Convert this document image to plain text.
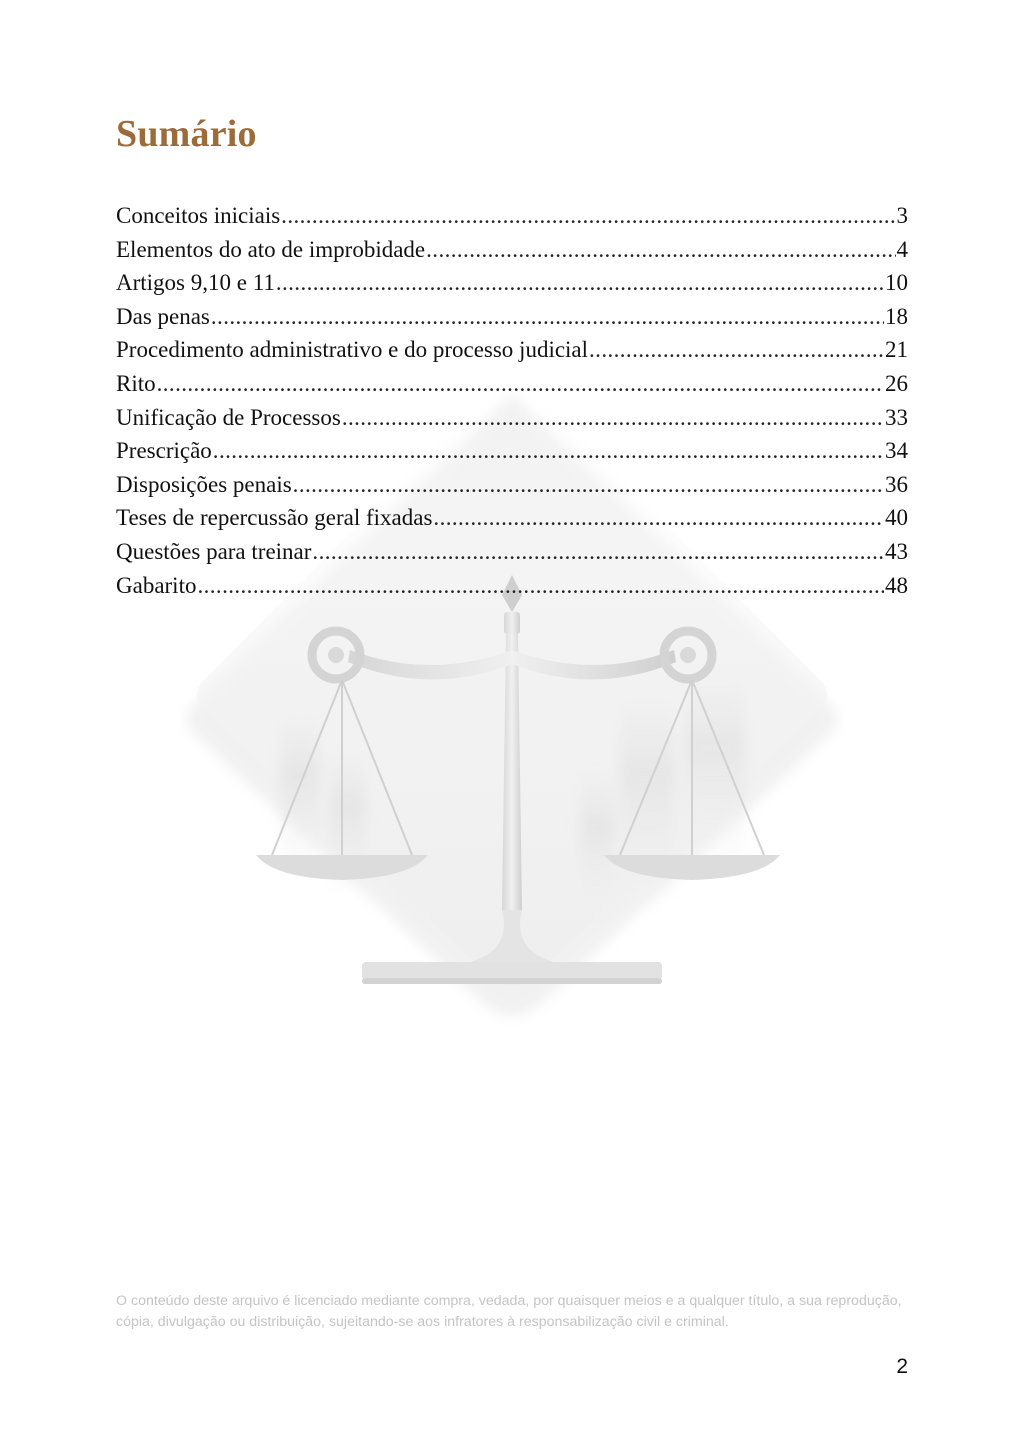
Sumário
Conceitos iniciais .....	3
Elementos do ato de improbidade .....	4
Artigos 9,10 e 11 .....	10
Das penas .....	18
Procedimento administrativo e do processo judicial .....	21
Rito .....	26
Unificação de Processos .....	33
Prescrição .....	34
Disposições penais .....	36
Teses de repercussão geral fixadas .....	40
Questões para treinar .....	43
Gabarito .....	48

O conteúdo deste arquivo é licenciado mediante compra, vedada, por quaisquer meios e a qualquer título, a sua reprodução, cópia, divulgação ou distribuição, sujeitando-se aos infratores à responsabilização civil e criminal.

2
